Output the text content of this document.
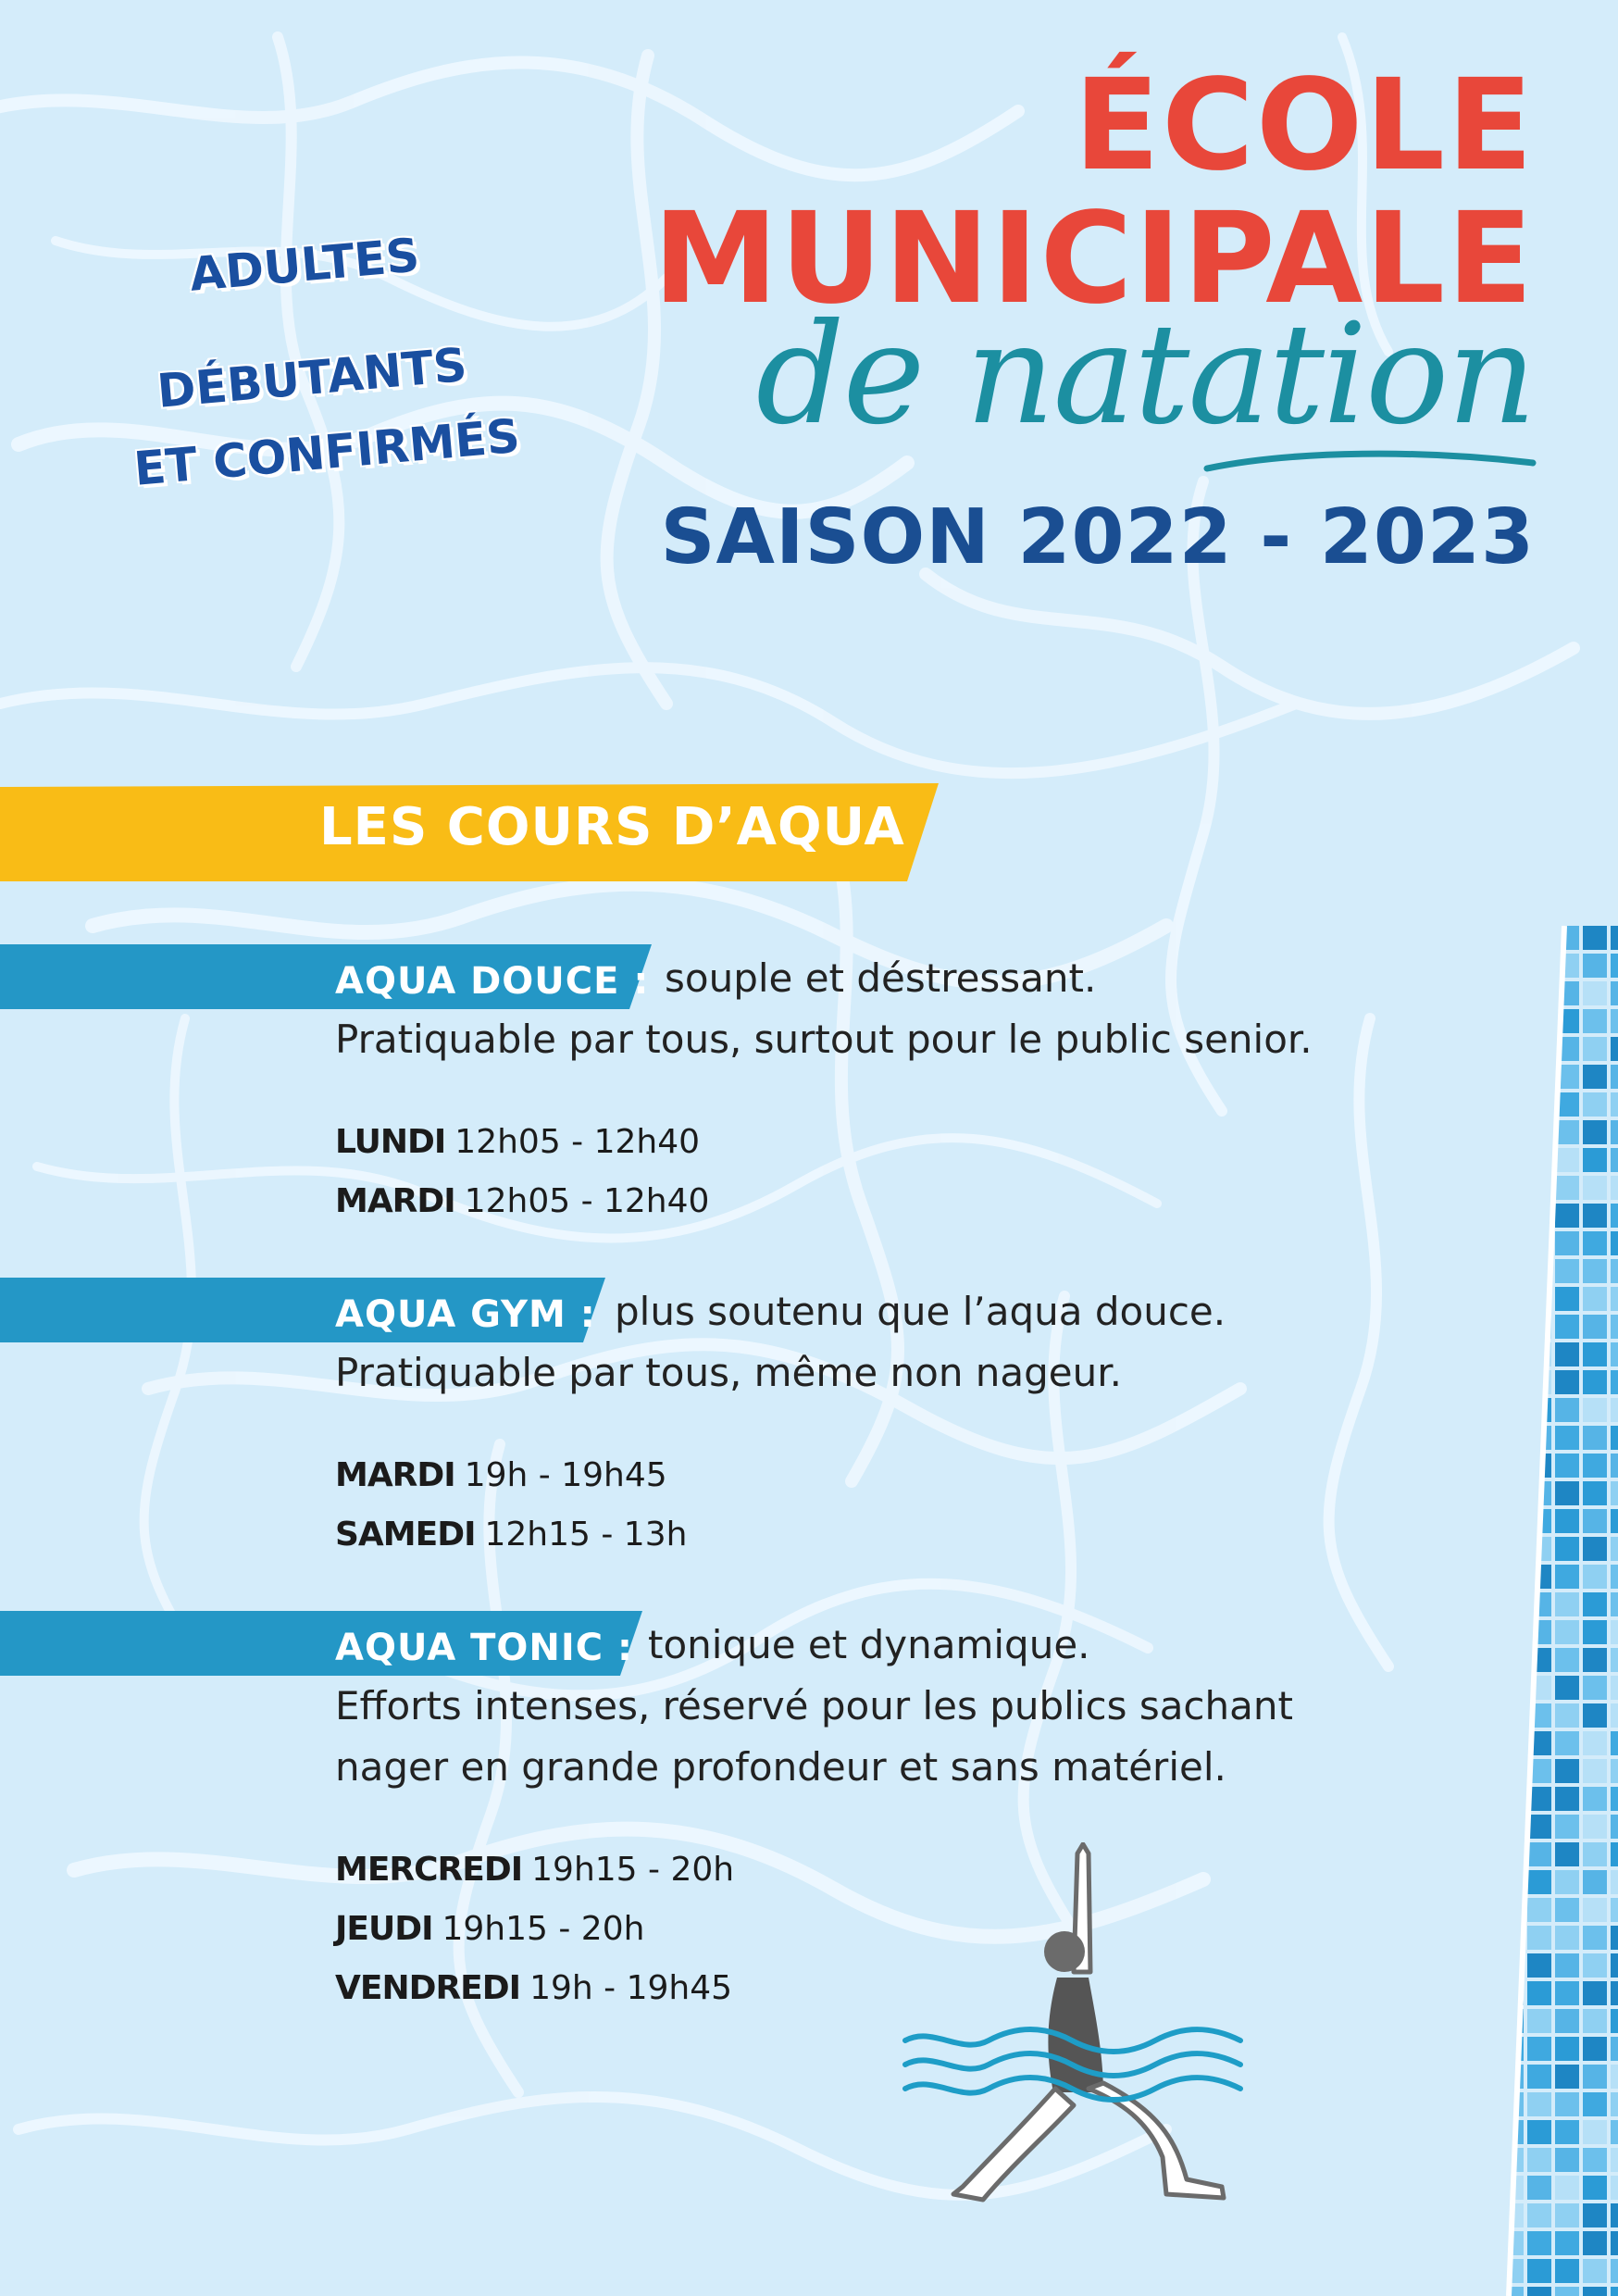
ÉCOLE
MUNICIPALE
de natation
SAISON 2022 - 2023
ADULTES
DÉBUTANTS
ET CONFIRMÉS
LES COURS D’AQUA
AQUA DOUCE : souple et déstressant.
Pratiquable par tous, surtout pour le public senior.
LUNDI 12h05 - 12h40
MARDI 12h05 - 12h40
AQUA GYM : plus soutenu que l’aqua douce.
Pratiquable par tous, même non nageur.
MARDI 19h - 19h45
SAMEDI 12h15 - 13h
AQUA TONIC : tonique et dynamique.
Efforts intenses, réservé pour les publics sachant
nager en grande profondeur et sans matériel.
MERCREDI 19h15 - 20h
JEUDI 19h15 - 20h
VENDREDI 19h - 19h45
